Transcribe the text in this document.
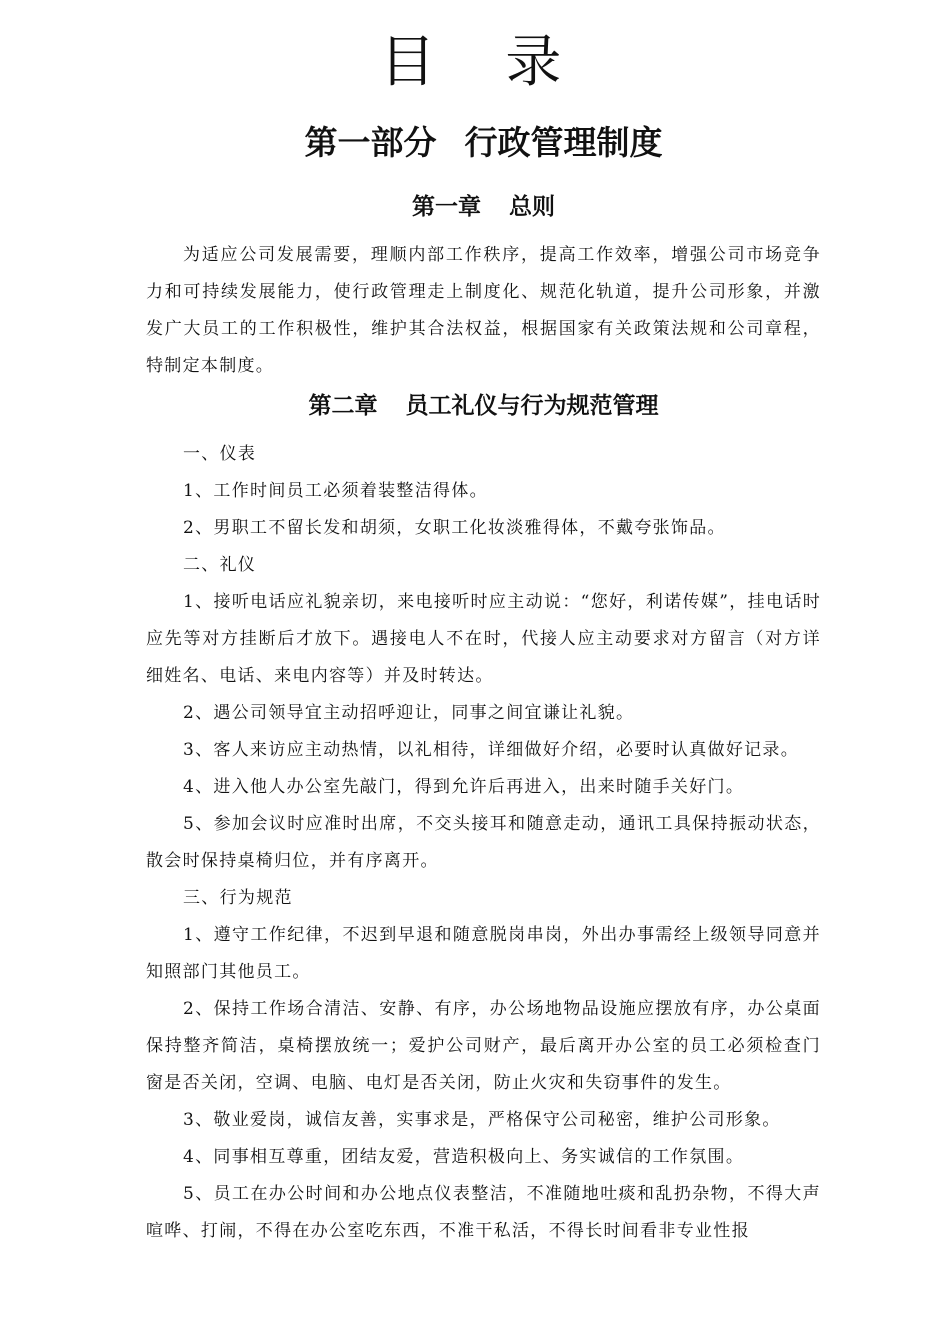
目 录
第一部分 行政管理制度
第一章 总则

为适应公司发展需要，理顺内部工作秩序，提高工作效率，增强公司市场竞争力和可持续发展能力，使行政管理走上制度化、规范化轨道，提升公司形象，并激发广大员工的工作积极性，维护其合法权益，根据国家有关政策法规和公司章程，特制定本制度。

第二章 员工礼仪与行为规范管理

一、仪表

1、工作时间员工必须着装整洁得体。

2、男职工不留长发和胡须，女职工化妆淡雅得体，不戴夸张饰品。

二、礼仪

1、接听电话应礼貌亲切，来电接听时应主动说：“您好，利诺传媒”，挂电话时应先等对方挂断后才放下。遇接电人不在时，代接人应主动要求对方留言（对方详细姓名、电话、来电内容等）并及时转达。

2、遇公司领导宜主动招呼迎让，同事之间宜谦让礼貌。

3、客人来访应主动热情，以礼相待，详细做好介绍，必要时认真做好记录。

4、进入他人办公室先敲门，得到允许后再进入，出来时随手关好门。

5、参加会议时应准时出席，不交头接耳和随意走动，通讯工具保持振动状态，散会时保持桌椅归位，并有序离开。

三、行为规范

1、遵守工作纪律，不迟到早退和随意脱岗串岗，外出办事需经上级领导同意并知照部门其他员工。

2、保持工作场合清洁、安静、有序，办公场地物品设施应摆放有序，办公桌面保持整齐简洁，桌椅摆放统一；爱护公司财产，最后离开办公室的员工必须检查门窗是否关闭，空调、电脑、电灯是否关闭，防止火灾和失窃事件的发生。

3、敬业爱岗，诚信友善，实事求是，严格保守公司秘密，维护公司形象。

4、同事相互尊重，团结友爱，营造积极向上、务实诚信的工作氛围。

5、员工在办公时间和办公地点仪表整洁，不准随地吐痰和乱扔杂物，不得大声喧哗、打闹，不得在办公室吃东西，不准干私活，不得长时间看非专业性报
